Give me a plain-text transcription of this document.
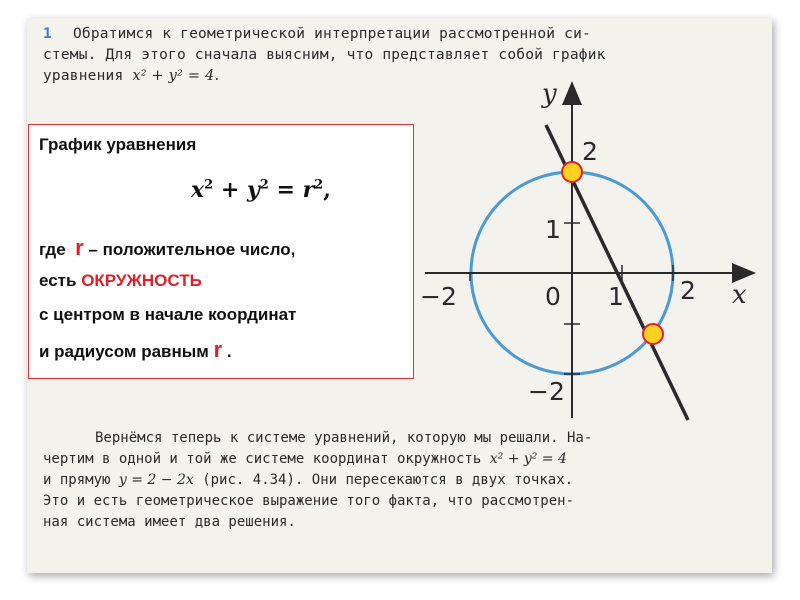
1 Обратимся к геометрической интерпретации рассмотренной си-
стемы. Для этого сначала выясним, что представляет собой график
уравнения x² + y² = 4.
Вернёмся теперь к системе уравнений, которую мы решали. На-
чертим в одной и той же системе координат окружность x² + y² = 4
и прямую y = 2 − 2x (рис. 4.34). Они пересекаются в двух точках.
Это и есть геометрическое выражение того факта, что рассмотрен-
ная система имеет два решения.
−2	0 1 2
2
1
−2
x
y
График уравнения
$x^2 + y^2 = r^2$,
где r – положительное число,
есть ОКРУЖНОСТЬ
с центром в начале координат
и радиусом равным r .
